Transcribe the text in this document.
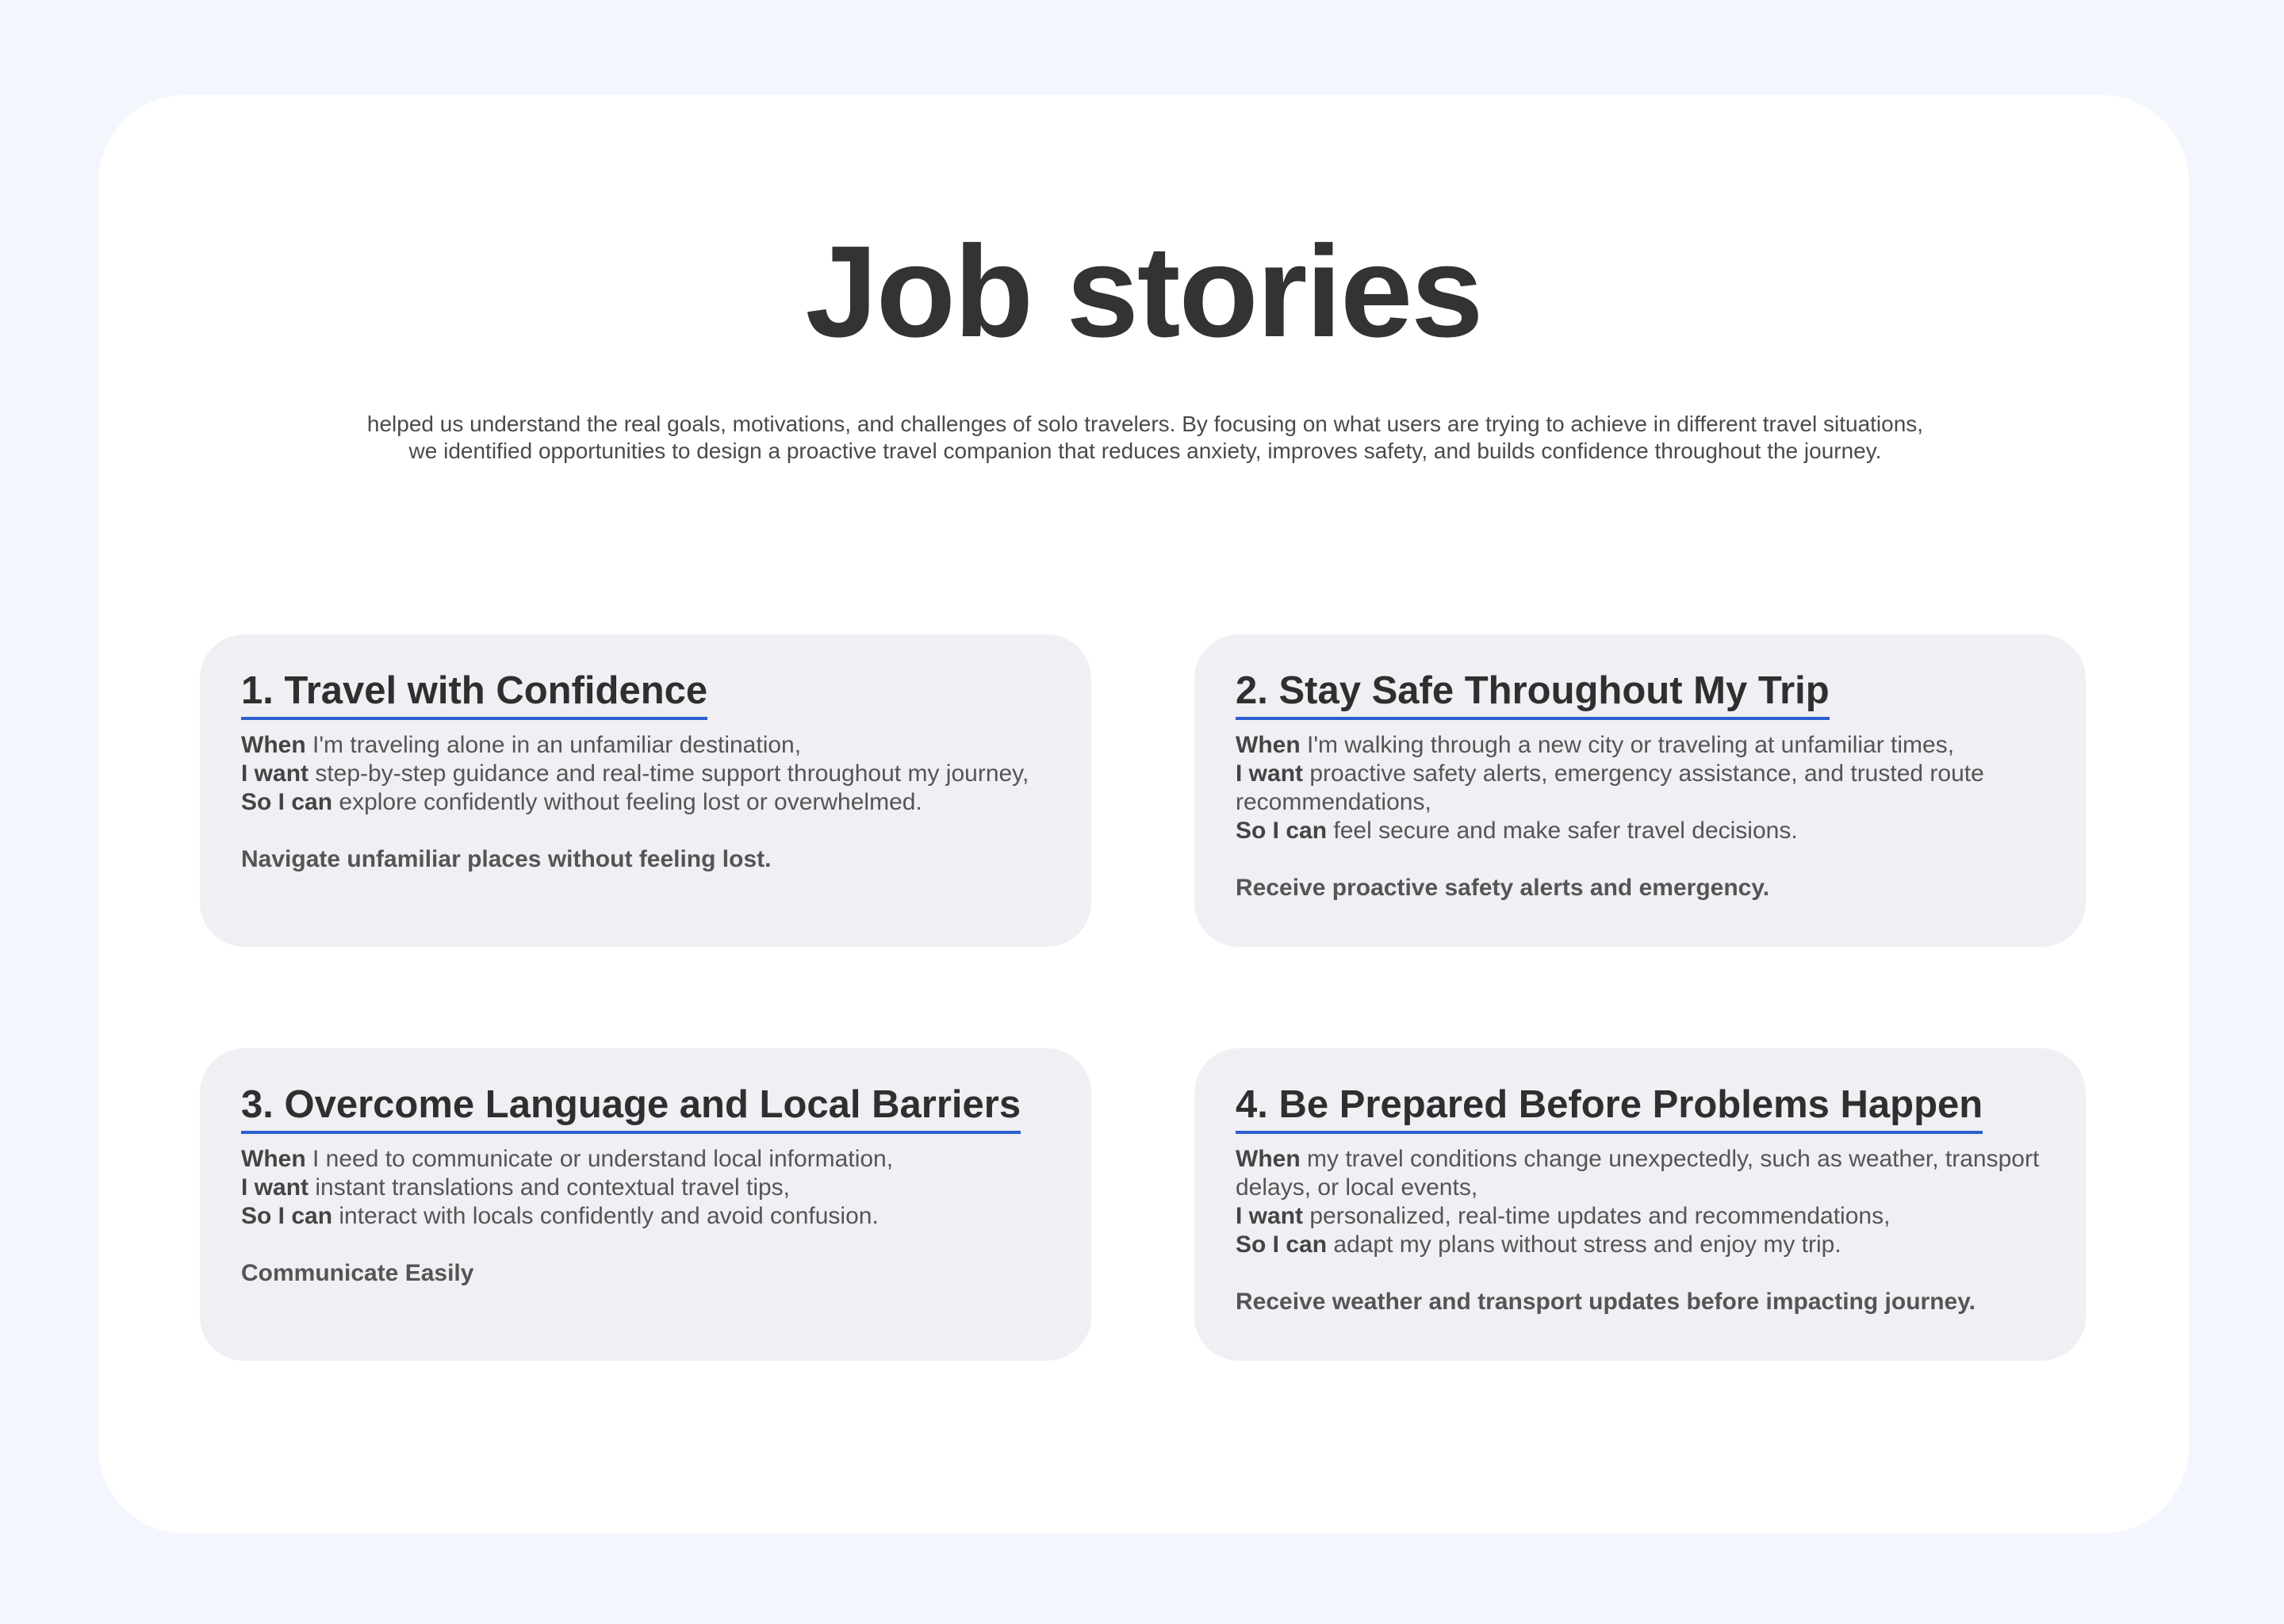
Job stories
helped us understand the real goals, motivations, and challenges of solo travelers. By focusing on what users are trying to achieve in different travel situations, we identified opportunities to design a proactive travel companion that reduces anxiety, improves safety, and builds confidence throughout the journey.
1. Travel with Confidence
When I'm traveling alone in an unfamiliar destination,
I want step-by-step guidance and real-time support throughout my journey,
So I can explore confidently without feeling lost or overwhelmed.
Navigate unfamiliar places without feeling lost.
2. Stay Safe Throughout My Trip
When I'm walking through a new city or traveling at unfamiliar times,
I want proactive safety alerts, emergency assistance, and trusted route recommendations,
So I can feel secure and make safer travel decisions.
Receive proactive safety alerts and emergency.
3. Overcome Language and Local Barriers
When I need to communicate or understand local information,
I want instant translations and contextual travel tips,
So I can interact with locals confidently and avoid confusion.
Communicate Easily
4. Be Prepared Before Problems Happen
When my travel conditions change unexpectedly, such as weather, transport delays, or local events,
I want personalized, real-time updates and recommendations,
So I can adapt my plans without stress and enjoy my trip.
Receive weather and transport updates before impacting journey.
